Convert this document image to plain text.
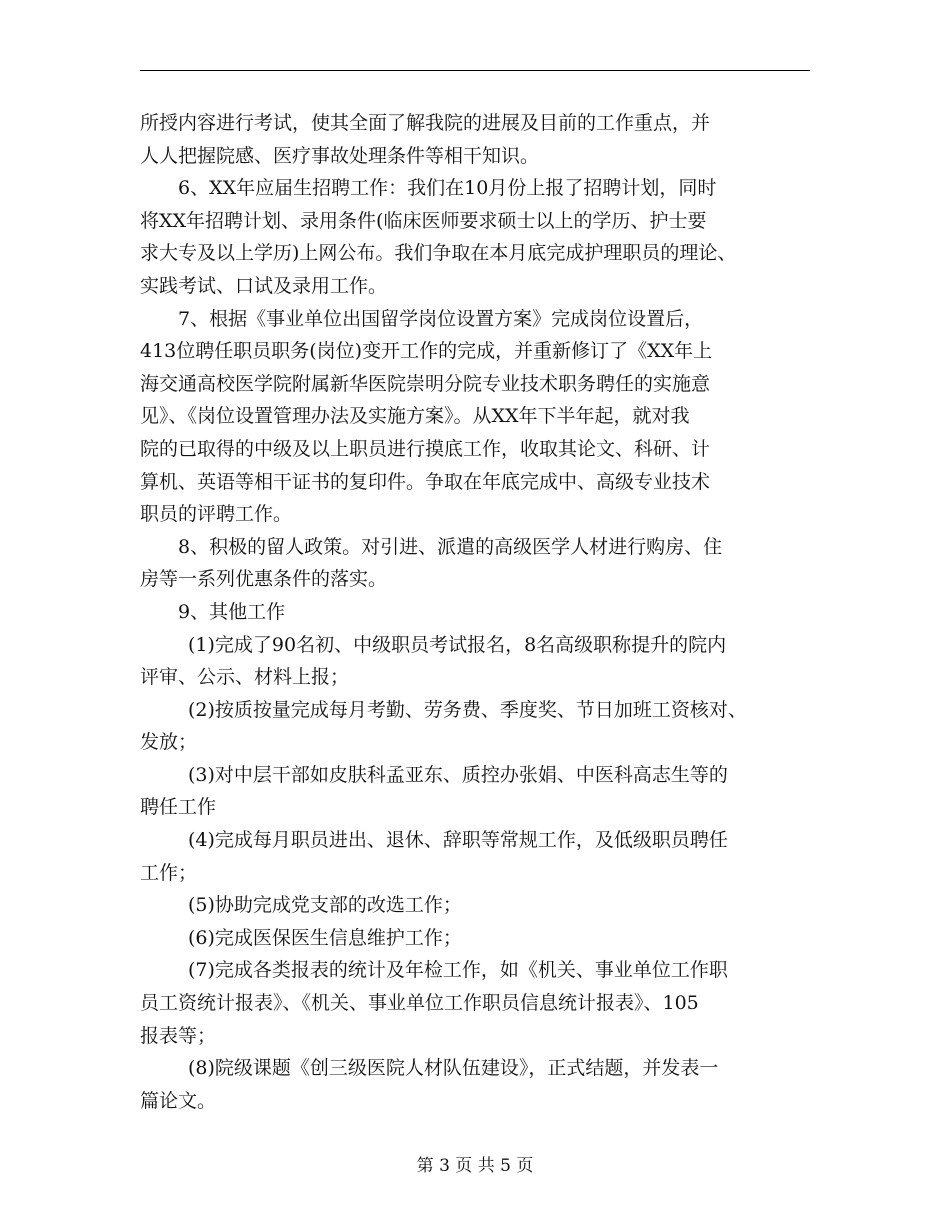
所授内容进行考试，使其全面了解我院的进展及目前的工作重点，并
人人把握院感、医疗事故处理条件等相干知识。
6、XX年应届生招聘工作：我们在10月份上报了招聘计划，同时
将XX年招聘计划、录用条件(临床医师要求硕士以上的学历、护士要
求大专及以上学历)上网公布。我们争取在本月底完成护理职员的理论、
实践考试、口试及录用工作。
7、根据《事业单位出国留学岗位设置方案》完成岗位设置后，
413位聘任职员职务(岗位)变开工作的完成，并重新修订了《XX年上
海交通高校医学院附属新华医院崇明分院专业技术职务聘任的实施意
见》、《岗位设置管理办法及实施方案》。从XX年下半年起，就对我
院的已取得的中级及以上职员进行摸底工作，收取其论文、科研、计
算机、英语等相干证书的复印件。争取在年底完成中、高级专业技术
职员的评聘工作。
8、积极的留人政策。对引进、派遣的高级医学人材进行购房、住
房等一系列优惠条件的落实。
9、其他工作
(1)完成了90名初、中级职员考试报名，8名高级职称提升的院内
评审、公示、材料上报；
(2)按质按量完成每月考勤、劳务费、季度奖、节日加班工资核对、
发放；
(3)对中层干部如皮肤科孟亚东、质控办张娟、中医科高志生等的
聘任工作
(4)完成每月职员进出、退休、辞职等常规工作，及低级职员聘任
工作；
(5)协助完成党支部的改选工作；
(6)完成医保医生信息维护工作；
(7)完成各类报表的统计及年检工作，如《机关、事业单位工作职
员工资统计报表》、《机关、事业单位工作职员信息统计报表》、105
报表等；
(8)院级课题《创三级医院人材队伍建设》，正式结题，并发表一
篇论文。
第 3 页 共 5 页
